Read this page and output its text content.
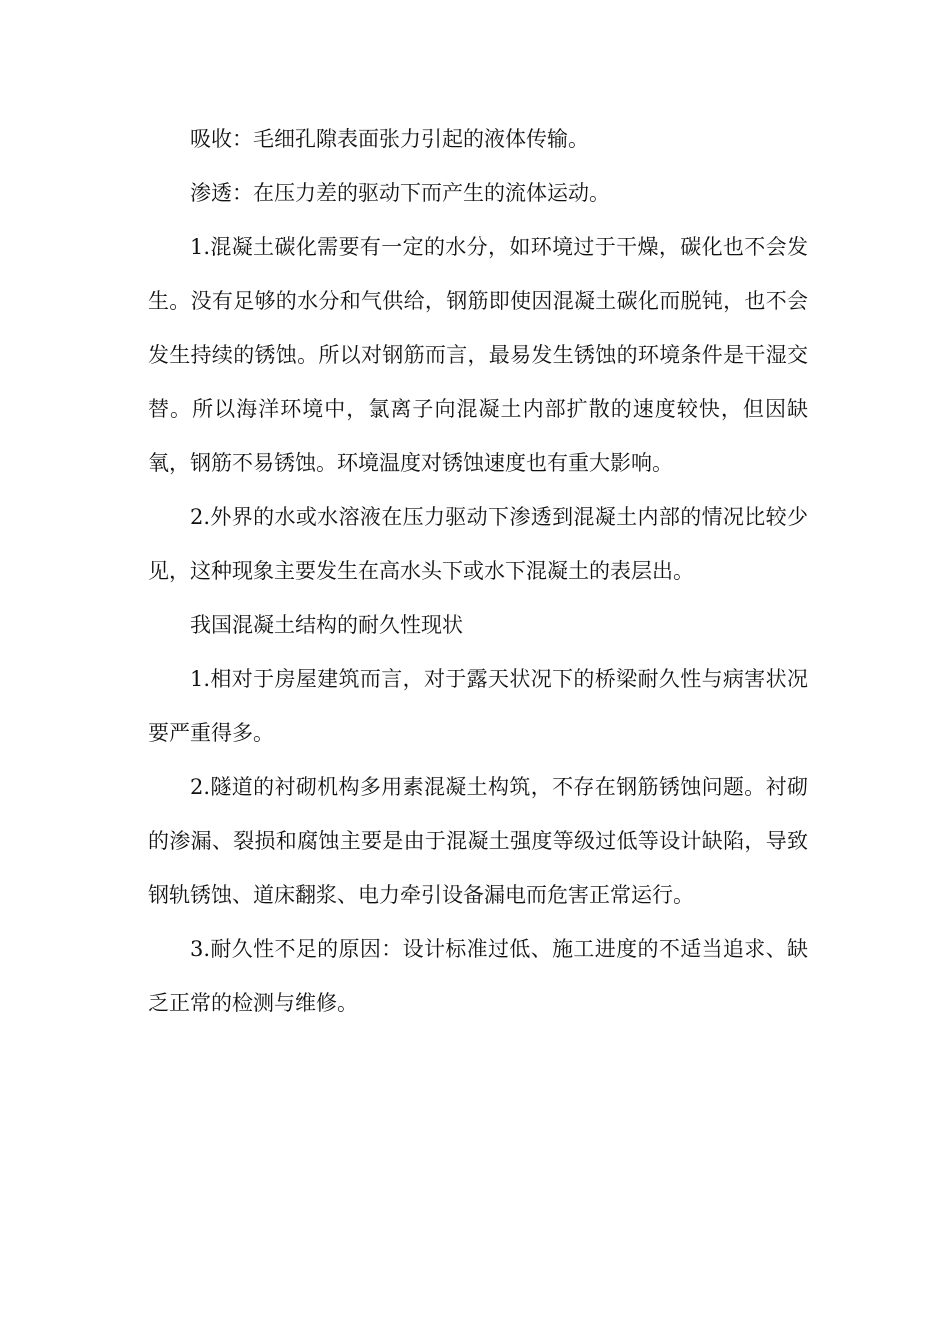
吸收：毛细孔隙表面张力引起的液体传输。

渗透：在压力差的驱动下而产生的流体运动。

1.混凝土碳化需要有一定的水分，如环境过于干燥，碳化也不会发生。没有足够的水分和气供给，钢筋即使因混凝土碳化而脱钝，也不会发生持续的锈蚀。所以对钢筋而言，最易发生锈蚀的环境条件是干湿交替。所以海洋环境中，氯离子向混凝土内部扩散的速度较快，但因缺氧，钢筋不易锈蚀。环境温度对锈蚀速度也有重大影响。

2.外界的水或水溶液在压力驱动下渗透到混凝土内部的情况比较少见，这种现象主要发生在高水头下或水下混凝土的表层出。

我国混凝土结构的耐久性现状

1.相对于房屋建筑而言，对于露天状况下的桥梁耐久性与病害状况要严重得多。

2.隧道的衬砌机构多用素混凝土构筑，不存在钢筋锈蚀问题。衬砌的渗漏、裂损和腐蚀主要是由于混凝土强度等级过低等设计缺陷，导致钢轨锈蚀、道床翻浆、电力牵引设备漏电而危害正常运行。

3.耐久性不足的原因：设计标准过低、施工进度的不适当追求、缺乏正常的检测与维修。
